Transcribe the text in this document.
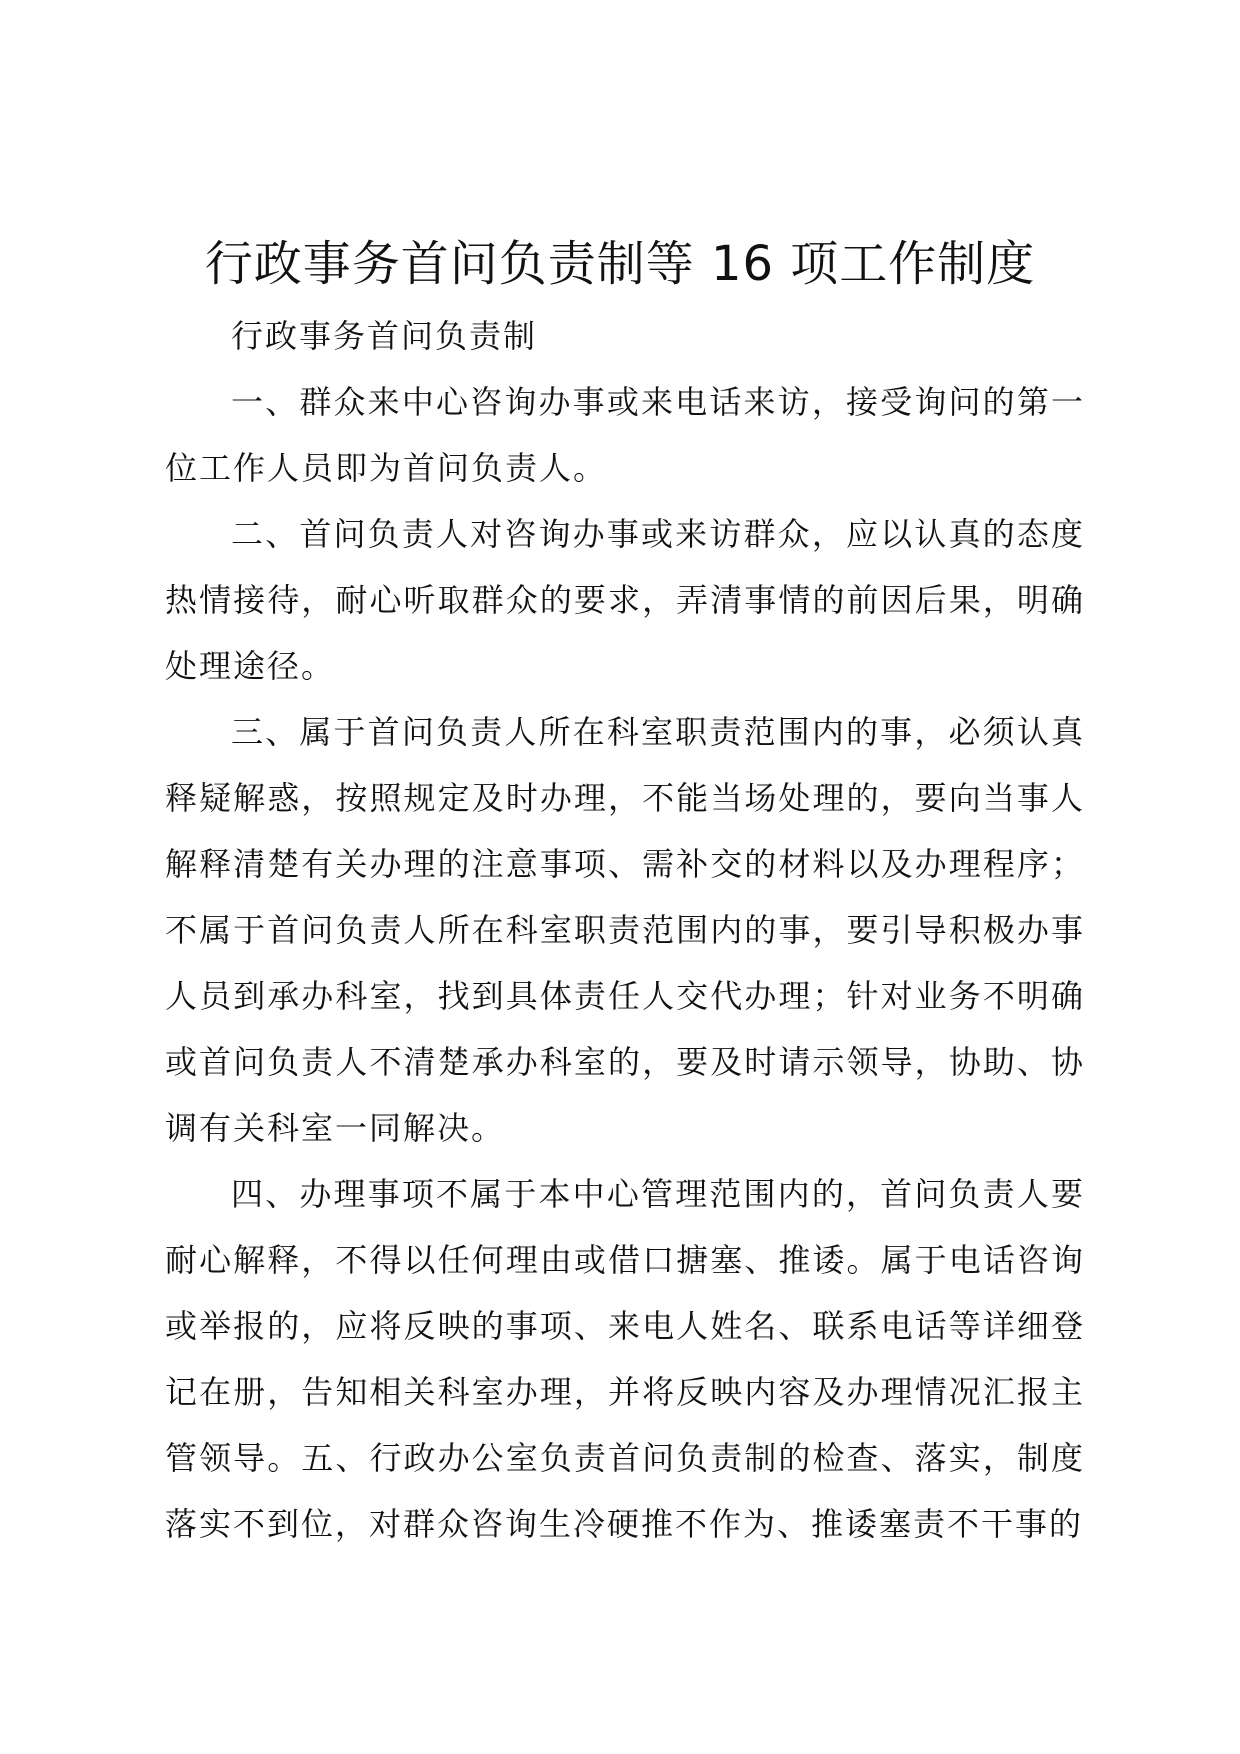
行政事务首问负责制等 16 项工作制度

行政事务首问负责制

一、群众来中心咨询办事或来电话来访，接受询问的第一位工作人员即为首问负责人。

二、首问负责人对咨询办事或来访群众，应以认真的态度热情接待，耐心听取群众的要求，弄清事情的前因后果，明确处理途径。

三、属于首问负责人所在科室职责范围内的事，必须认真释疑解惑，按照规定及时办理，不能当场处理的，要向当事人解释清楚有关办理的注意事项、需补交的材料以及办理程序；不属于首问负责人所在科室职责范围内的事，要引导积极办事人员到承办科室，找到具体责任人交代办理；针对业务不明确或首问负责人不清楚承办科室的，要及时请示领导，协助、协调有关科室一同解决。

四、办理事项不属于本中心管理范围内的，首问负责人要耐心解释，不得以任何理由或借口搪塞、推诿。属于电话咨询或举报的，应将反映的事项、来电人姓名、联系电话等详细登记在册，告知相关科室办理，并将反映内容及办理情况汇报主管领导。五、行政办公室负责首问负责制的检查、落实，制度落实不到位，对群众咨询生冷硬推不作为、推诿塞责不干事的
